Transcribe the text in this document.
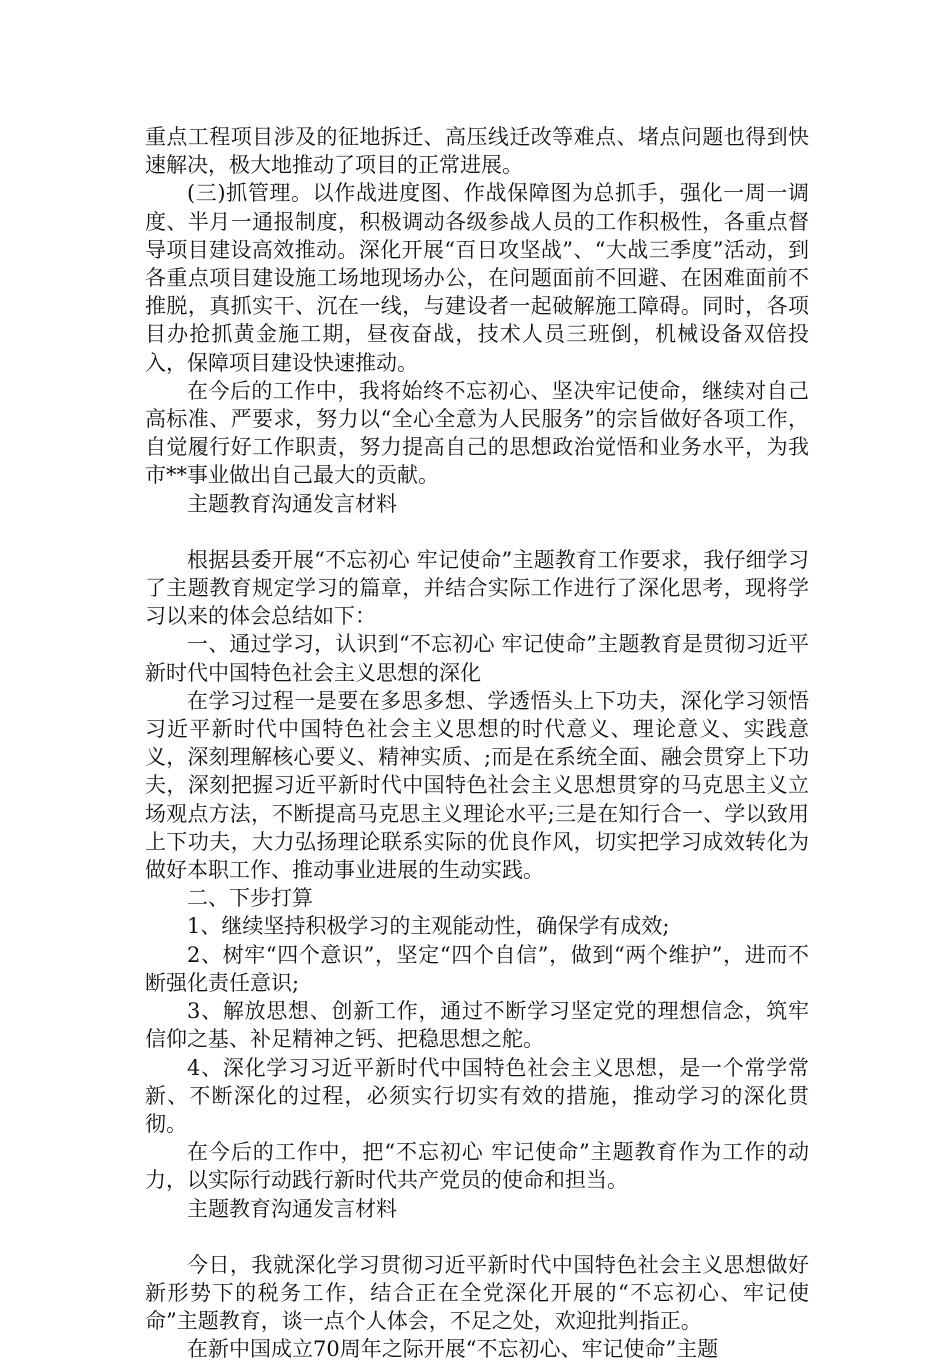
重点工程项目涉及的征地拆迁、高压线迁改等难点、堵点问题也得到快速解决，极大地推动了项目的正常进展。

(三)抓管理。以作战进度图、作战保障图为总抓手，强化一周一调度、半月一通报制度，积极调动各级参战人员的工作积极性，各重点督导项目建设高效推动。深化开展“百日攻坚战”、“大战三季度”活动，到各重点项目建设施工场地现场办公，在问题面前不回避、在困难面前不推脱，真抓实干、沉在一线，与建设者一起破解施工障碍。同时，各项目办抢抓黄金施工期，昼夜奋战，技术人员三班倒，机械设备双倍投入，保障项目建设快速推动。

在今后的工作中，我将始终不忘初心、坚决牢记使命，继续对自己高标准、严要求，努力以“全心全意为人民服务”的宗旨做好各项工作，自觉履行好工作职责，努力提高自己的思想政治觉悟和业务水平，为我市**事业做出自己最大的贡献。

主题教育沟通发言材料

根据县委开展“不忘初心 牢记使命”主题教育工作要求，我仔细学习了主题教育规定学习的篇章，并结合实际工作进行了深化思考，现将学习以来的体会总结如下：

一、通过学习，认识到“不忘初心 牢记使命”主题教育是贯彻习近平新时代中国特色社会主义思想的深化

在学习过程一是要在多思多想、学透悟头上下功夫，深化学习领悟习近平新时代中国特色社会主义思想的时代意义、理论意义、实践意义，深刻理解核心要义、精神实质、;而是在系统全面、融会贯穿上下功夫，深刻把握习近平新时代中国特色社会主义思想贯穿的马克思主义立场观点方法，不断提高马克思主义理论水平;三是在知行合一、学以致用上下功夫，大力弘扬理论联系实际的优良作风，切实把学习成效转化为做好本职工作、推动事业进展的生动实践。

二、下步打算

1、继续坚持积极学习的主观能动性，确保学有成效;

2、树牢“四个意识”，坚定“四个自信”，做到“两个维护”，进而不断强化责任意识;

3、解放思想、创新工作，通过不断学习坚定党的理想信念，筑牢信仰之基、补足精神之钙、把稳思想之舵。

4、深化学习习近平新时代中国特色社会主义思想，是一个常学常新、不断深化的过程，必须实行切实有效的措施，推动学习的深化贯彻。

在今后的工作中，把“不忘初心 牢记使命”主题教育作为工作的动力，以实际行动践行新时代共产党员的使命和担当。

主题教育沟通发言材料

今日，我就深化学习贯彻习近平新时代中国特色社会主义思想做好新形势下的税务工作，结合正在全党深化开展的“不忘初心、牢记使命”主题教育，谈一点个人体会，不足之处，欢迎批判指正。

在新中国成立70周年之际开展“不忘初心、牢记使命”主题
